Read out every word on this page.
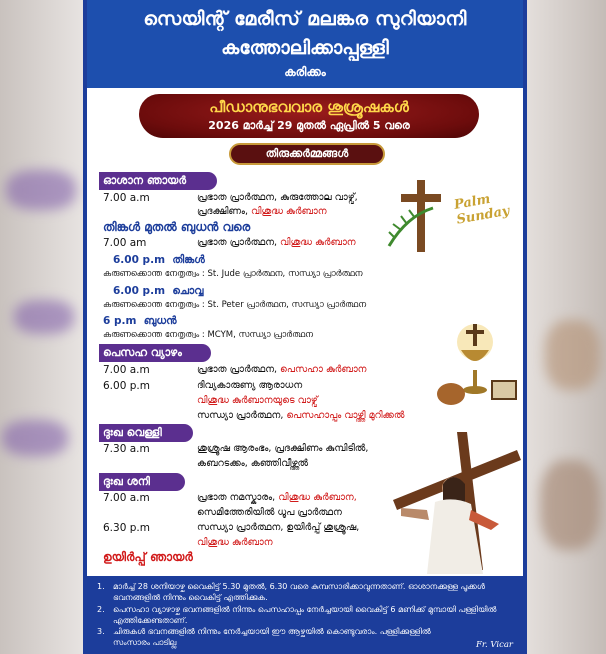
സെയിന്റ് മേരീസ് മലങ്കര സുറിയാനി
കത്തോലിക്കാപ്പള്ളി
കരിക്കം
പീഡാനുഭവവാര ശുശ്രൂഷകൾ
2026 മാർച്ച് 29 മുതൽ ഏപ്രിൽ 5 വരെ
തിരുക്കർമ്മങ്ങൾ
ഓശാന ഞായർ
7.00 a.m	പ്രഭാത പ്രാർത്ഥന, കുരുത്തോല വാഴ്വ്,
പ്രദക്ഷിണം, വിശുദ്ധ കുർബാന	Palm Sunday
തിങ്കൾ മുതൽ ബുധൻ വരെ
7.00 am	പ്രഭാത പ്രാർത്ഥന, വിശുദ്ധ കുർബാന
6.00 p.m തിങ്കൾ
കരുണക്കൊന്ത നേതൃത്വം : St. Jude പ്രാർത്ഥന, സന്ധ്യാ പ്രാർത്ഥന
6.00 p.m ചൊവ്വ
കരുണക്കൊന്ത നേതൃത്വം : St. Peter പ്രാർത്ഥന, സന്ധ്യാ പ്രാർത്ഥന
6 p.m ബുധൻ
കരുണക്കൊന്ത നേതൃത്വം : MCYM, സന്ധ്യാ പ്രാർത്ഥന
പെസഹ വ്യാഴം
7.00 a.m	പ്രഭാത പ്രാർത്ഥന, പെസഹാ കുർബാന
6.00 p.m	ദിവ്യകാരുണ്യ ആരാധന
വിശുദ്ധ കുർബാനയുടെ വാഴ്വ്
സന്ധ്യാ പ്രാർത്ഥന, പെസഹാപ്പം വാഴ്ത്തി മുറിക്കൽ
ദുഃഖ വെള്ളി
7.30 a.m	ശുശ്രൂഷ ആരംഭം, പ്രദക്ഷിണം കുമ്പിടിൽ,
കബറടക്കം, കഞ്ഞിവീഴ്ത്തൽ
ദുഃഖ ശനി
7.00 a.m	പ്രഭാത നമസ്കാരം, വിശുദ്ധ കുർബാന,
സെമിത്തേരിയിൽ ധൂപ പ്രാർത്ഥന
6.30 p.m	സന്ധ്യാ പ്രാർത്ഥന, ഉയിർപ്പ് ശുശ്രൂഷ,
വിശുദ്ധ കുർബാന
ഉയിർപ്പ് ഞായർ
1. മാർച്ച് 28 ശനിയാഴ്ച വൈകിട്ട് 5.30 മുതൽ, 6.30 വരെ കുമ്പസാരിക്കാവുന്നതാണ്. ഓശാനക്കുള്ള പൂക്കൾ ഭവനങ്ങളിൽ നിന്നും വൈകിട്ട് എത്തിക്കുക.
2. പെസഹാ വ്യാഴാഴ്ച ഭവനങ്ങളിൽ നിന്നും പെസഹാപ്പം നേർച്ചയായി വൈകിട്ട് 6 മണിക്ക് മുമ്പായി പള്ളിയിൽ എത്തിക്കേണ്ടതാണ്.
3. ചിരുകൾ ഭവനങ്ങളിൽ നിന്നും നേർച്ചയായി ഈ ആഴ്ചയിൽ കൊണ്ടുവരാം. പള്ളിക്കുള്ളിൽ സംസാരം പാടില്ല	Fr. Vicar
